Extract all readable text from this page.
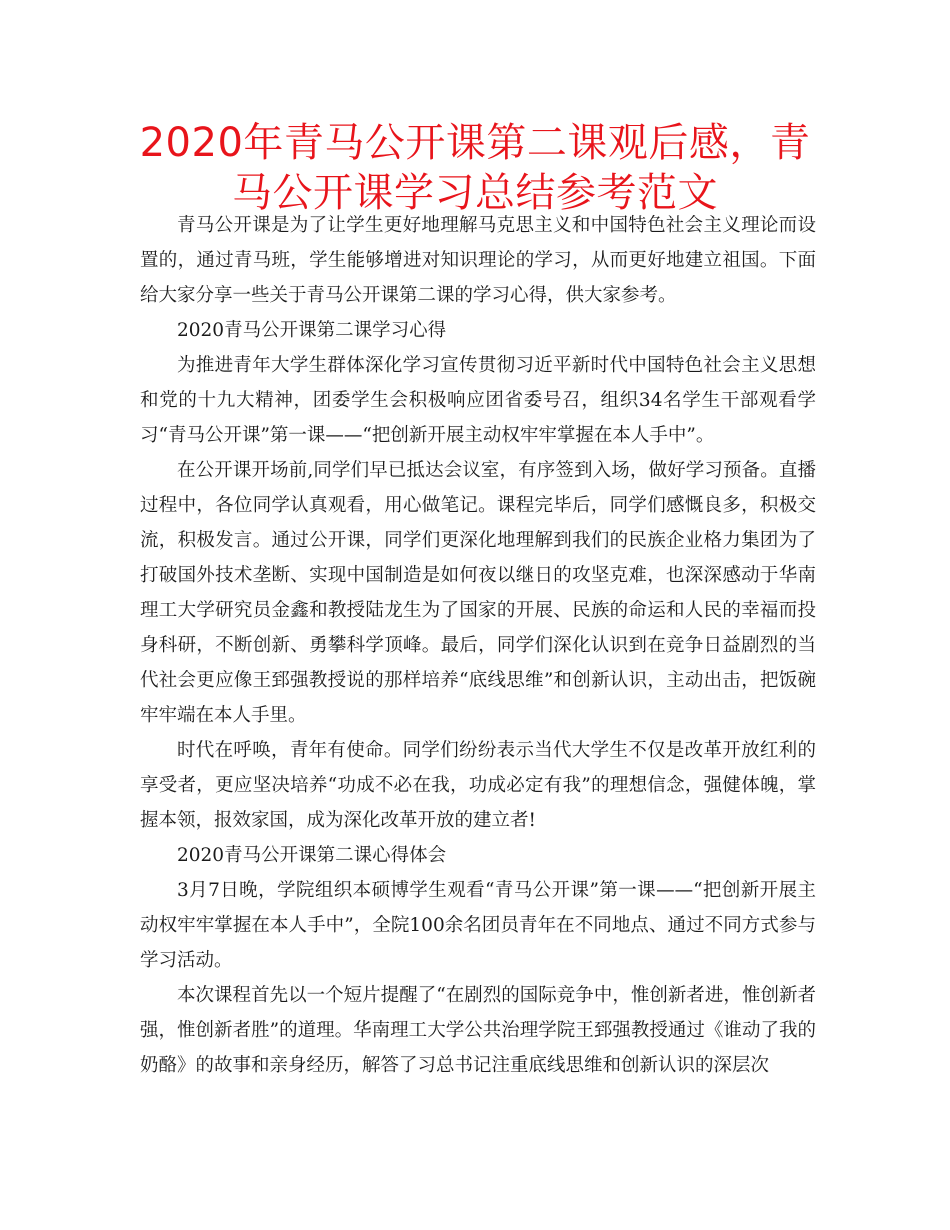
2020年青马公开课第二课观后感，青马公开课学习总结参考范文

青马公开课是为了让学生更好地理解马克思主义和中国特色社会主义理论而设置的，通过青马班，学生能够增进对知识理论的学习，从而更好地建立祖国。下面给大家分享一些关于青马公开课第二课的学习心得，供大家参考。

2020青马公开课第二课学习心得

为推进青年大学生群体深化学习宣传贯彻习近平新时代中国特色社会主义思想和党的十九大精神，团委学生会积极响应团省委号召，组织34名学生干部观看学习“青马公开课”第一课——“把创新开展主动权牢牢掌握在本人手中”。

在公开课开场前,同学们早已抵达会议室，有序签到入场，做好学习预备。直播过程中，各位同学认真观看，用心做笔记。课程完毕后，同学们感慨良多，积极交流，积极发言。通过公开课，同学们更深化地理解到我们的民族企业格力集团为了打破国外技术垄断、实现中国制造是如何夜以继日的攻坚克难，也深深感动于华南理工大学研究员金鑫和教授陆龙生为了国家的开展、民族的命运和人民的幸福而投身科研，不断创新、勇攀科学顶峰。最后，同学们深化认识到在竞争日益剧烈的当代社会更应像王郅强教授说的那样培养“底线思维”和创新认识，主动出击，把饭碗牢牢端在本人手里。

时代在呼唤，青年有使命。同学们纷纷表示当代大学生不仅是改革开放红利的享受者，更应坚决培养“功成不必在我，功成必定有我”的理想信念，强健体魄，掌握本领，报效家国，成为深化改革开放的建立者!

2020青马公开课第二课心得体会

3月7日晚，学院组织本硕博学生观看“青马公开课”第一课——“把创新开展主动权牢牢掌握在本人手中”，全院100余名团员青年在不同地点、通过不同方式参与学习活动。

本次课程首先以一个短片提醒了“在剧烈的国际竞争中，惟创新者进，惟创新者强，惟创新者胜”的道理。华南理工大学公共治理学院王郅强教授通过《谁动了我的奶酪》的故事和亲身经历，解答了习总书记注重底线思维和创新认识的深层次
